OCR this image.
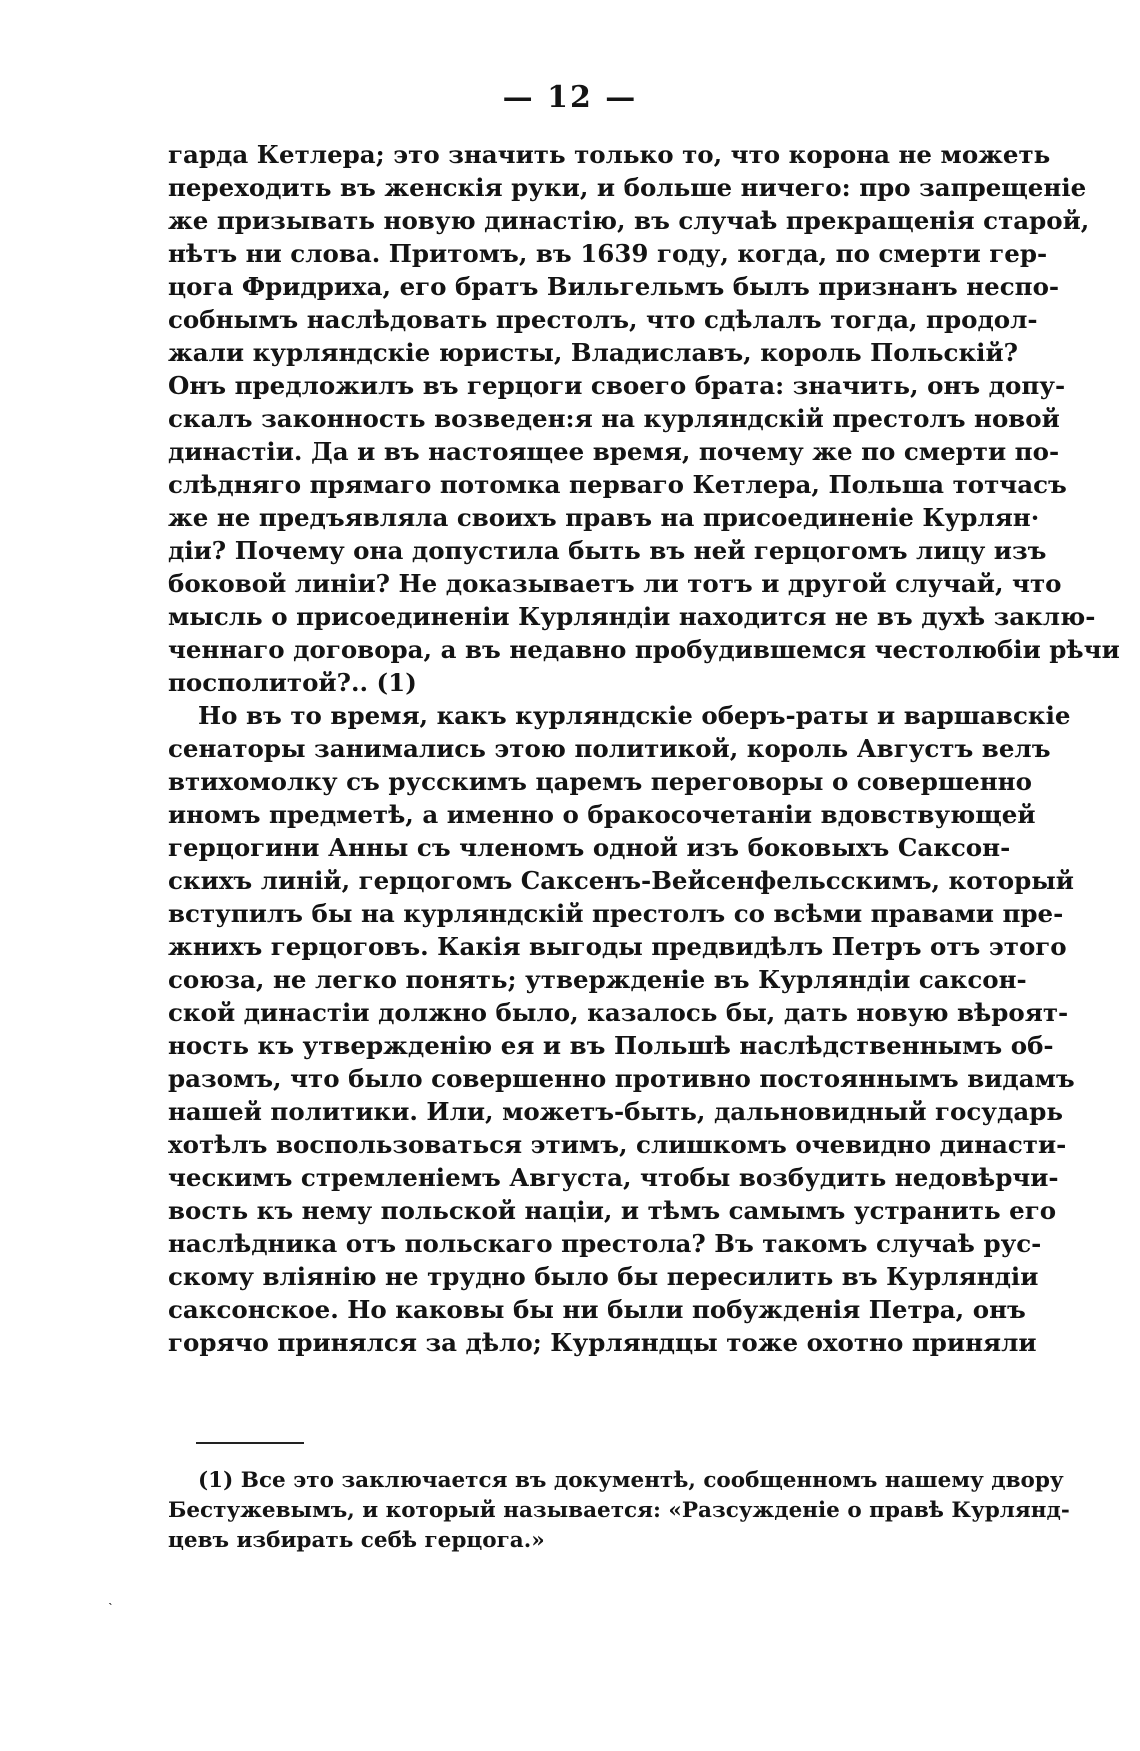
— 12 —
гарда Кетлера; это значить только то, что корона не можеть
переходить въ женскія руки, и больше ничего: про запрещеніе
же призывать новую династію, въ случаѣ прекращенія старой,
нѣтъ ни слова. Притомъ, въ 1639 году, когда, по смерти гер-
цога Фридриха, его братъ Вильгельмъ былъ признанъ неспо-
собнымъ наслѣдовать престолъ, что сдѣлалъ тогда, продол-
жали курляндскіе юристы, Владиславъ, король Польскій?
Онъ предложилъ въ герцоги своего брата: значить, онъ допу-
скалъ законность возведен:я на курляндскій престолъ новой
династіи. Да и въ настоящее время, почему же по смерти по-
слѣдняго прямаго потомка перваго Кетлера, Польша тотчасъ
же не предъявляла своихъ правъ на присоединеніе Курлян·
діи? Почему она допустила быть въ ней герцогомъ лицу изъ
боковой линіи? Не доказываетъ ли тотъ и другой случай, что
мысль о присоединеніи Курляндіи находится не въ духѣ заклю-
ченнаго договора, а въ недавно пробудившемся честолюбіи рѣчи
посполитой?.. (1)
Но въ то время, какъ курляндскіе оберъ-раты и варшавскіе
сенаторы занимались этою политикой, король Августъ велъ
втихомолку съ русскимъ царемъ переговоры о совершенно
иномъ предметѣ, а именно о бракосочетаніи вдовствующей
герцогини Анны съ членомъ одной изъ боковыхъ Саксон-
скихъ линій, герцогомъ Саксенъ-Вейсенфельсскимъ, который
вступилъ бы на курляндскій престолъ со всѣми правами пре-
жнихъ герцоговъ. Какія выгоды предвидѣлъ Петръ отъ этого
союза, не легко понять; утвержденіе въ Курляндіи саксон-
ской династіи должно было, казалось бы, дать новую вѣроят-
ность къ утвержденію ея и въ Польшѣ наслѣдственнымъ об-
разомъ, что было совершенно противно постояннымъ видамъ
нашей политики. Или, можетъ-быть, дальновидный государь
хотѣлъ воспользоваться этимъ, слишкомъ очевидно династи-
ческимъ стремленіемъ Августа, чтобы возбудить недовѣрчи-
вость къ нему польской націи, и тѣмъ самымъ устранить его
наслѣдника отъ польскаго престола? Въ такомъ случаѣ рус-
скому вліянію не трудно было бы пересилить въ Курляндіи
саксонское. Но каковы бы ни были побужденія Петра, онъ
горячо принялся за дѣло; Курляндцы тоже охотно приняли
(1) Все это заключается въ документѣ, сообщенномъ нашему двору
Бестужевымъ, и который называется: «Разсужденіе о правѣ Курлянд-
цевъ избирать себѣ герцога.»
˴
